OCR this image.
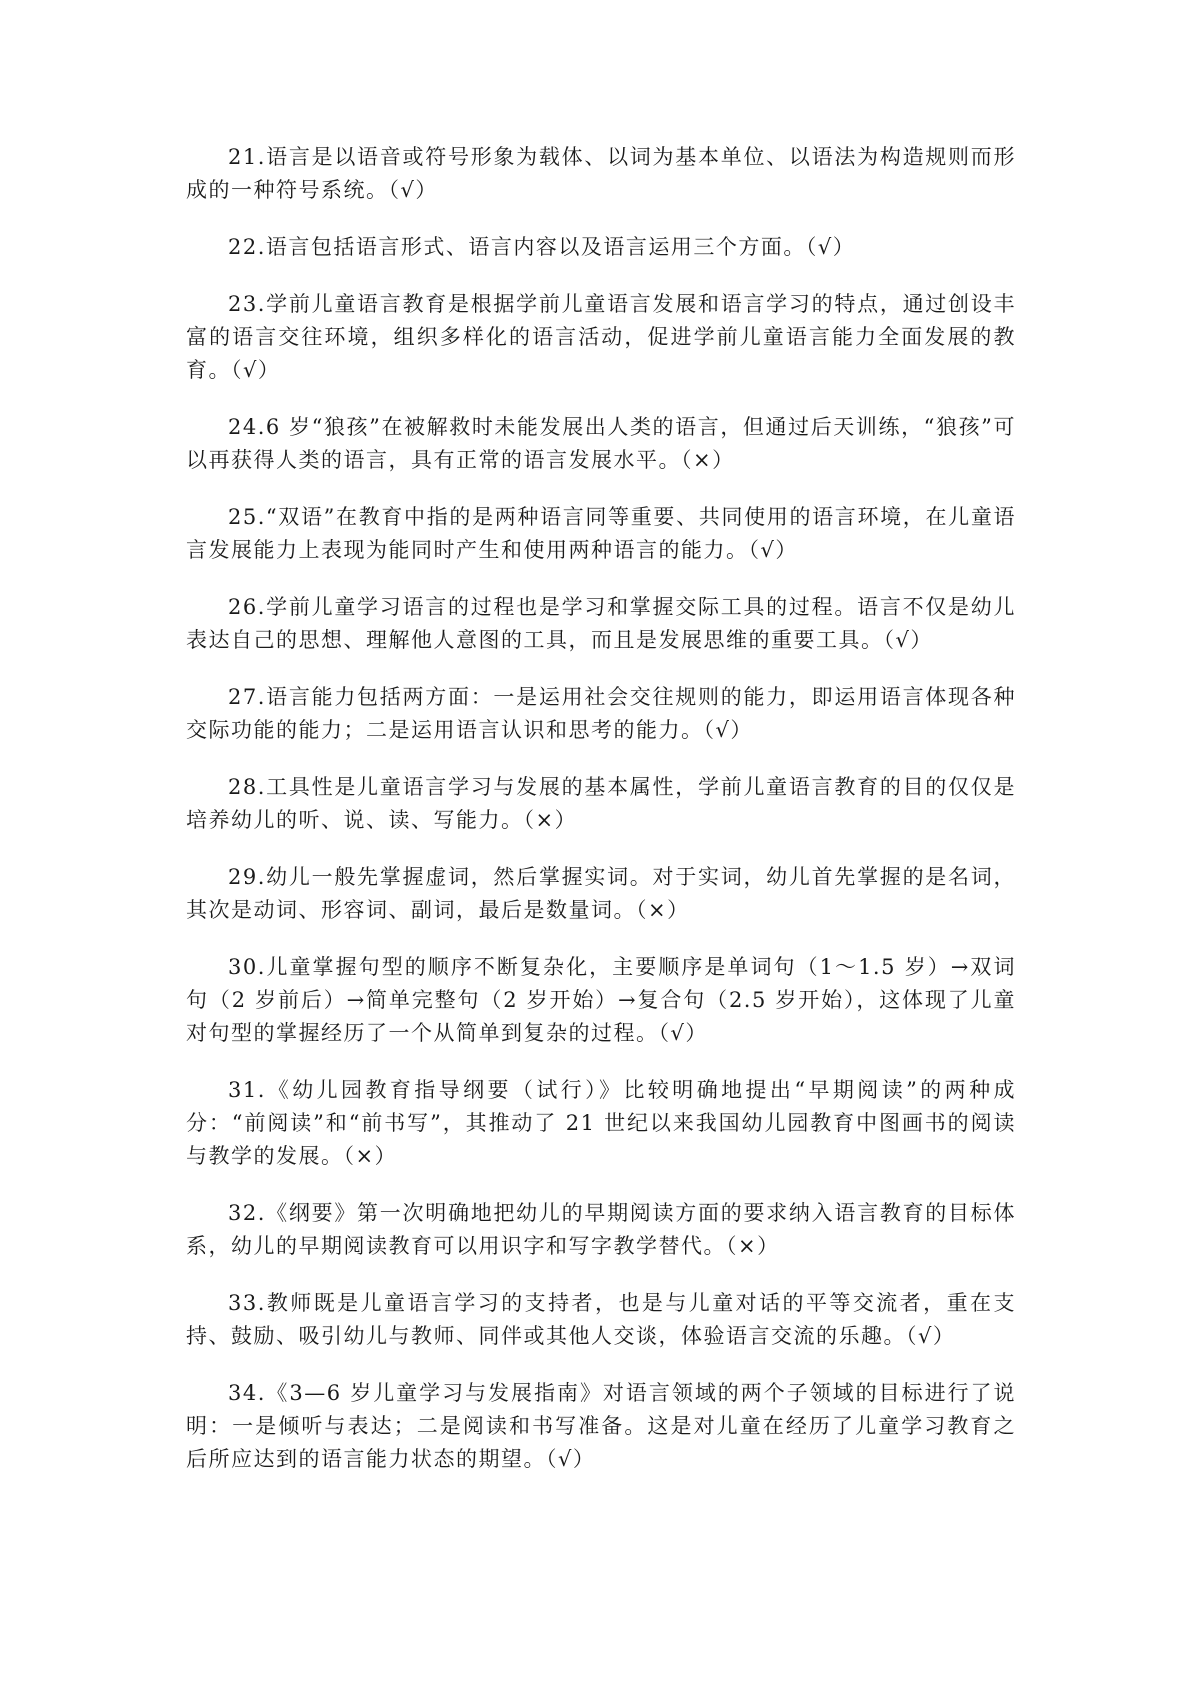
21.语言是以语音或符号形象为载体、以词为基本单位、以语法为构造规则而形成的一种符号系统。（√）

22.语言包括语言形式、语言内容以及语言运用三个方面。（√）

23.学前儿童语言教育是根据学前儿童语言发展和语言学习的特点，通过创设丰富的语言交往环境，组织多样化的语言活动，促进学前儿童语言能力全面发展的教育。（√）

24.6 岁“狼孩”在被解救时未能发展出人类的语言，但通过后天训练，“狼孩”可以再获得人类的语言，具有正常的语言发展水平。（×）

25.“双语”在教育中指的是两种语言同等重要、共同使用的语言环境，在儿童语言发展能力上表现为能同时产生和使用两种语言的能力。（√）

26.学前儿童学习语言的过程也是学习和掌握交际工具的过程。语言不仅是幼儿表达自己的思想、理解他人意图的工具，而且是发展思维的重要工具。（√）

27.语言能力包括两方面：一是运用社会交往规则的能力，即运用语言体现各种交际功能的能力；二是运用语言认识和思考的能力。（√）

28.工具性是儿童语言学习与发展的基本属性，学前儿童语言教育的目的仅仅是培养幼儿的听、说、读、写能力。（×）

29.幼儿一般先掌握虚词，然后掌握实词。对于实词，幼儿首先掌握的是名词，其次是动词、形容词、副词，最后是数量词。（×）

30.儿童掌握句型的顺序不断复杂化，主要顺序是单词句（1～1.5 岁）→双词句（2 岁前后）→简单完整句（2 岁开始）→复合句（2.5 岁开始），这体现了儿童对句型的掌握经历了一个从简单到复杂的过程。（√）

31.《幼儿园教育指导纲要（试行）》比较明确地提出“早期阅读”的两种成分：“前阅读”和“前书写”，其推动了 21 世纪以来我国幼儿园教育中图画书的阅读与教学的发展。（×）

32.《纲要》第一次明确地把幼儿的早期阅读方面的要求纳入语言教育的目标体系，幼儿的早期阅读教育可以用识字和写字教学替代。（×）

33.教师既是儿童语言学习的支持者，也是与儿童对话的平等交流者，重在支持、鼓励、吸引幼儿与教师、同伴或其他人交谈，体验语言交流的乐趣。（√）

34.《3—6 岁儿童学习与发展指南》对语言领域的两个子领域的目标进行了说明：一是倾听与表达；二是阅读和书写准备。这是对儿童在经历了儿童学习教育之后所应达到的语言能力状态的期望。（√）
